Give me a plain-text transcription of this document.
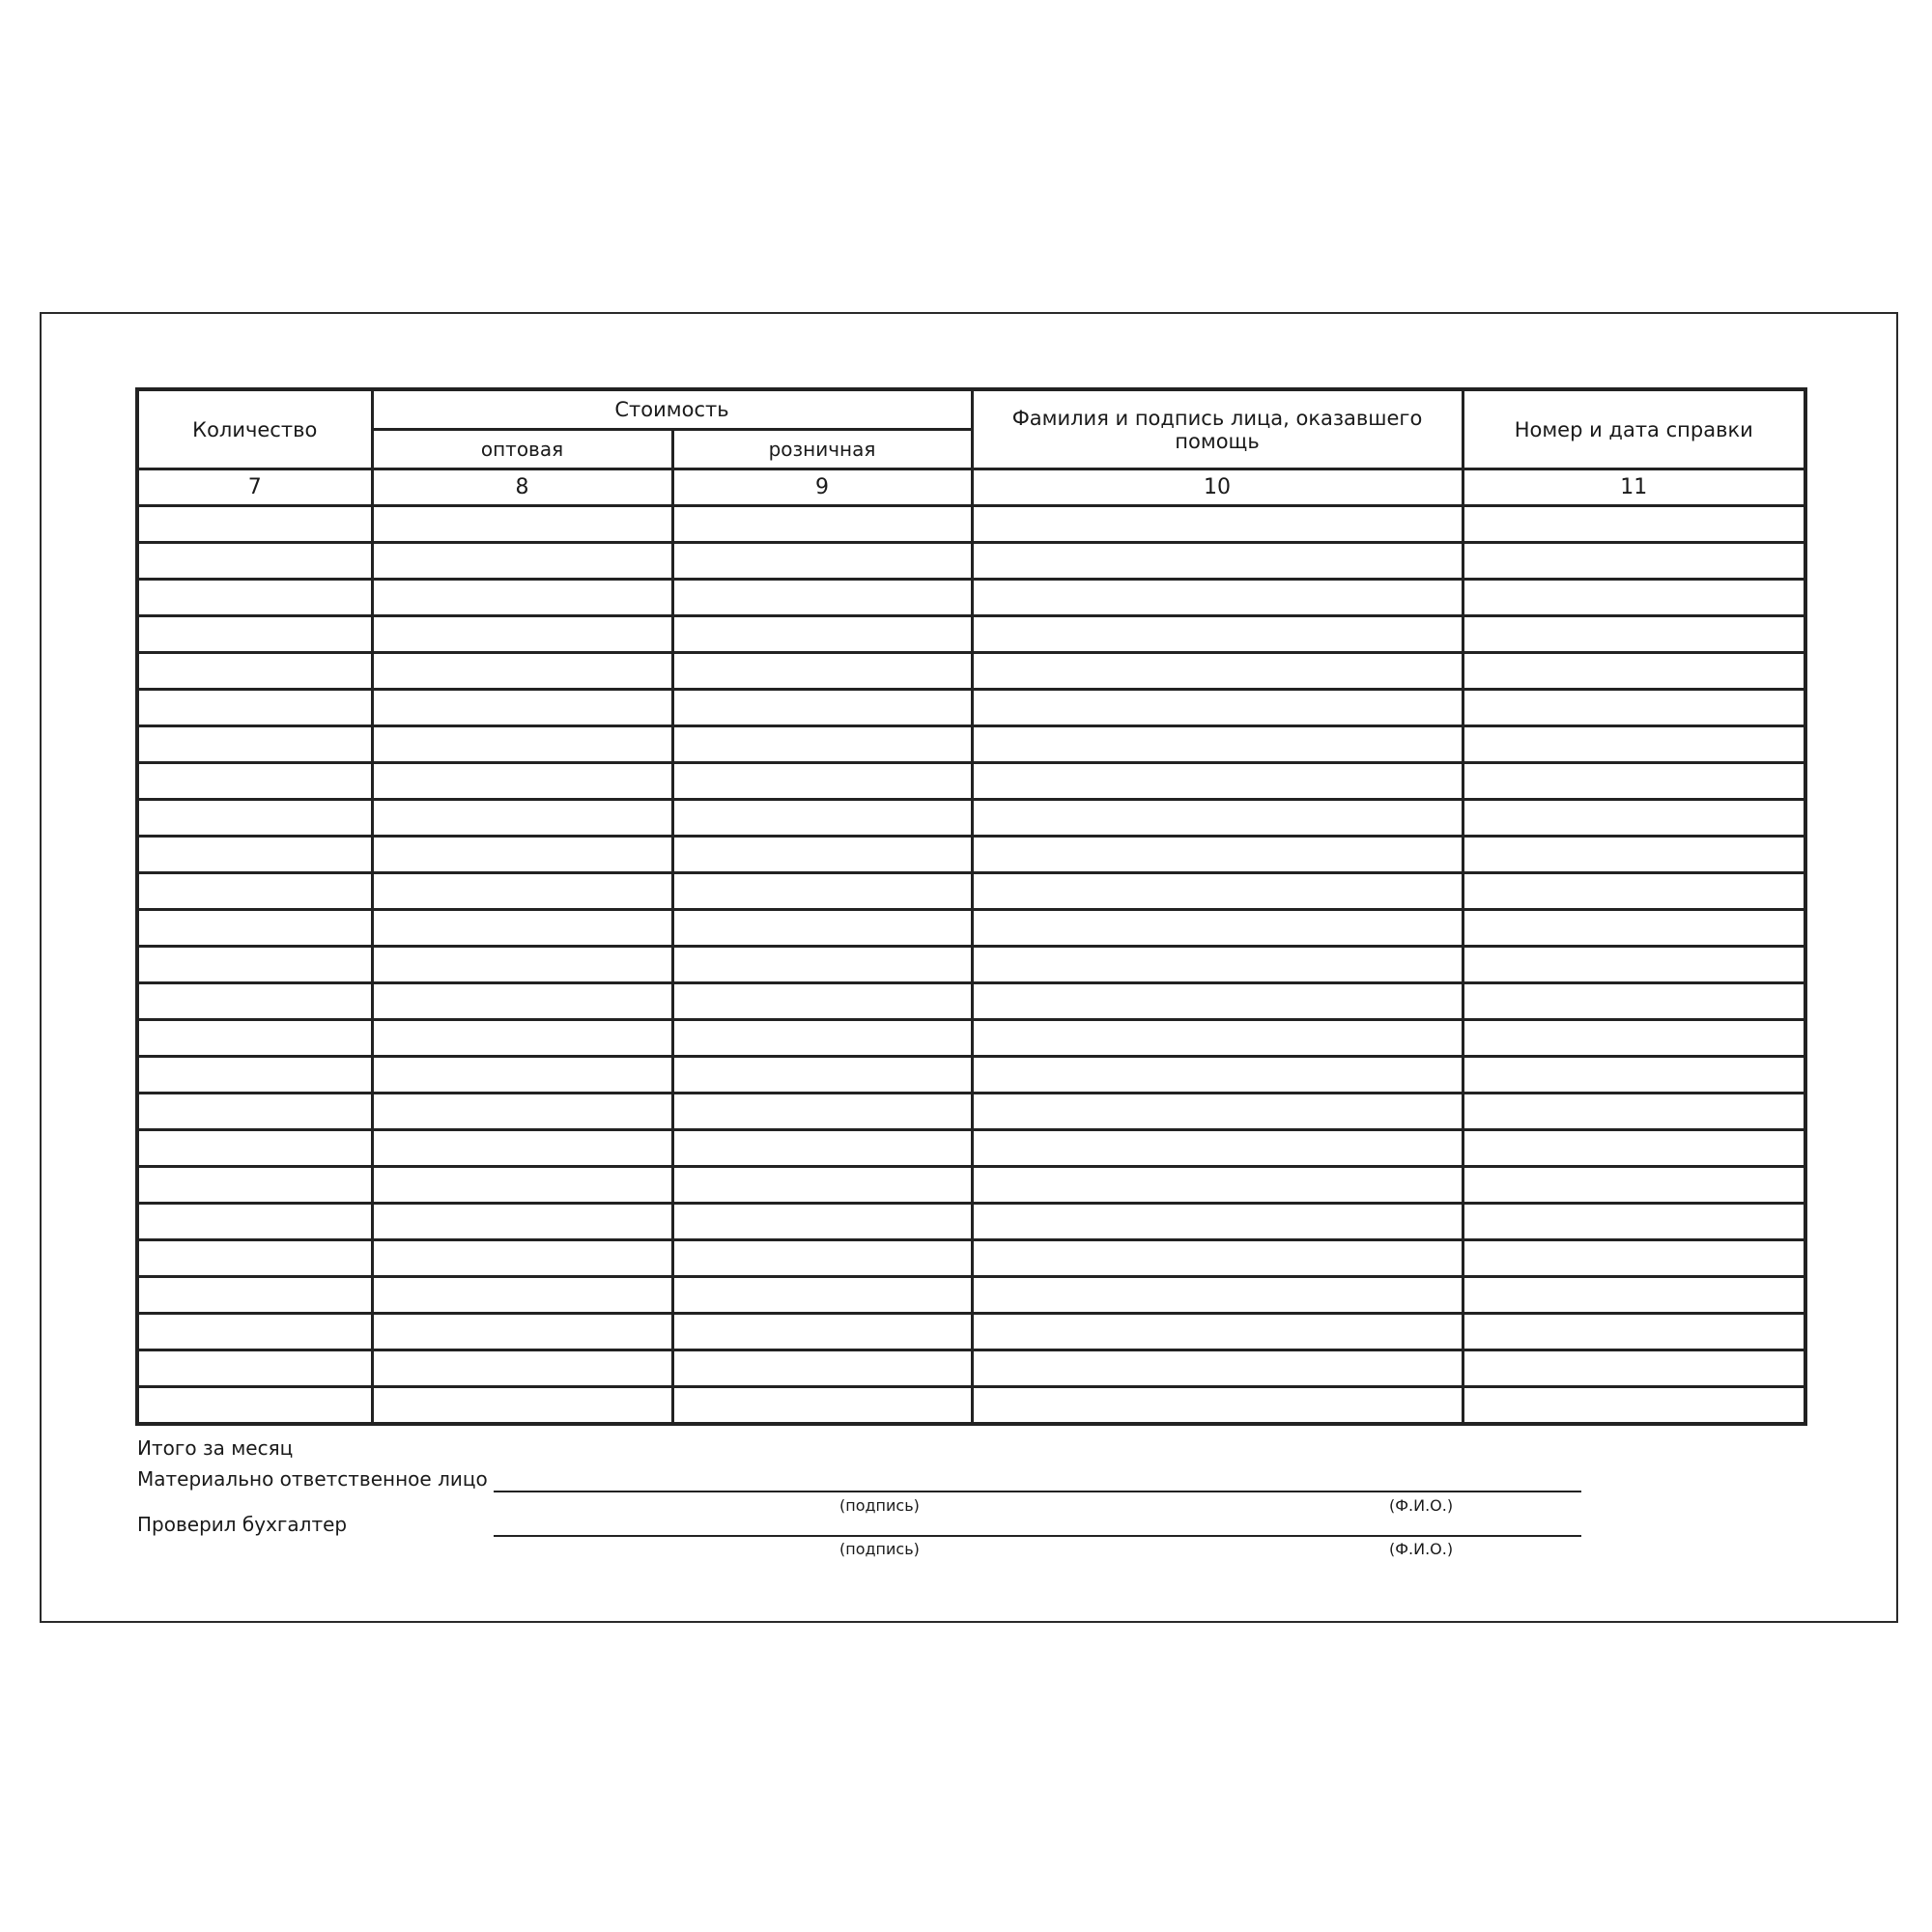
Количество	Стоимость		Фамилия и подпись лица, оказавшего помощь	Номер и дата справки
	оптовая	розничная		
7	8	9	10	11

Итого за месяц
Материально ответственное лицо
(подпись)	(Ф.И.О.)
Проверил бухгалтер
(подпись)	(Ф.И.О.)
